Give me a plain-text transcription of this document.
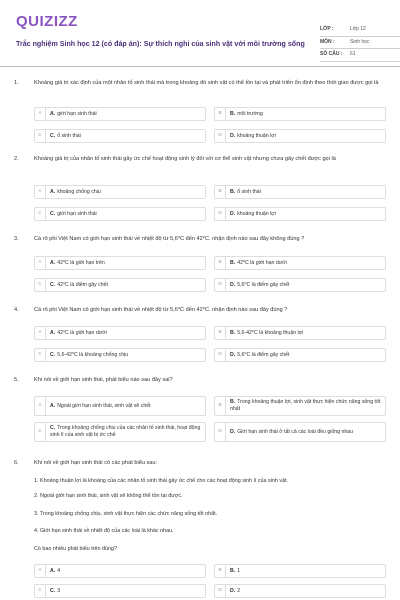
QUIZIZZ
Trắc nghiệm Sinh học 12 (có đáp án): Sự thích nghi của sinh vật với môi trường sống
LỚP :	Lớp 12
MÔN :	Sinh học
SỐ CÂU :	61
1.	Khoảng giá trị xác định của một nhân tố sinh thái mà trong khoảng đó sinh vật có thể tồn tại và phát triển ổn định theo thời gian được gọi là
A	A. giới hạn sinh thái	B	B. môi trường
C	C. ổ sinh thái	D	D. khoảng thuận lợi
2.	Khoảng giá trị của nhân tố sinh thái gây ức chế hoạt động sinh lý đối với cơ thể sinh vật nhưng chưa gây chết được gọi là
A	A. khoảng chống chịu	B	B. ổ sinh thái
C	C. giới hạn sinh thái	D	D. khoảng thuận lợi
3.	Cá rô phi Việt Nam có giới hạn sinh thái về nhiệt độ từ 5,6⁰C đến 42⁰C. nhận định nào sau đây không đúng ?
A	A. 42⁰C là giới hạn trên	B	B. 42⁰C là giới hạn dưới
C	C. 42⁰C là điểm gây chết	D	D. 5,6⁰C là điểm gây chết
4.	Cá rô phi Việt Nam có giới hạn sinh thái về nhiệt độ từ 5,6⁰C đến 42⁰C. nhận định nào sau đây đúng ?
A	A. 42⁰C là giới hạn dưới	B	B. 5,6-42⁰C là khoảng thuận lợi
C	C. 5,6-42⁰C là khoảng chống chịu	D	D. 5,6⁰C là điểm gây chết
5.	Khi nói về giới hạn sinh thái, phát biểu nào sau đây sai?
A	A. Ngoài giới hạn sinh thái, sinh vật sẽ chết	B
B. Trong khoảng thuận lợi, sinh vật thực hiện chức năng sống tốt nhất
C
C. Trong khoảng chống chịu của các nhân tố sinh thái, hoạt động sinh lí của sinh vật bị ức chế
D	D. Giới hạn sinh thái ở tất cả các loài đều giống nhau
6.	Khi nói về giới hạn sinh thái có các phát biểu sau:
1. Khoảng thuận lợi là khoảng của các nhân tố sinh thái gây ức chế cho các hoạt động sinh lí của sinh vật.
2. Ngoài giới hạn sinh thái, sinh vật sẽ không thể tồn tại được.
3. Trong khoảng chống chịu, sinh vật thực hiện các chức năng sống tốt nhất.
4. Giới hạn sinh thái về nhiệt độ của các loài là khác nhau.
Có bao nhiêu phát biểu trên đúng?
A	A. 4	B	B. 1
C	C. 3	D	D. 2
